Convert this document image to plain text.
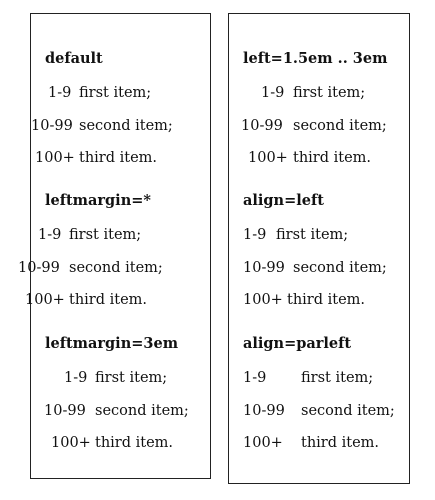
default
1-9 first item;
10-99 second item;
100+ third item.
leftmargin=*
1-9 first item;
10-99 second item;
100+ third item.
leftmargin=3em
1-9 first item;
10-99 second item;
100+ third item.
left=1.5em .. 3em
1-9 first item;
10-99 second item;
100+ third item.
align=left
1-9 first item;
10-99 second item;
100+ third item.
align=parleft
1-9 first item;
10-99 second item;
100+ third item.
